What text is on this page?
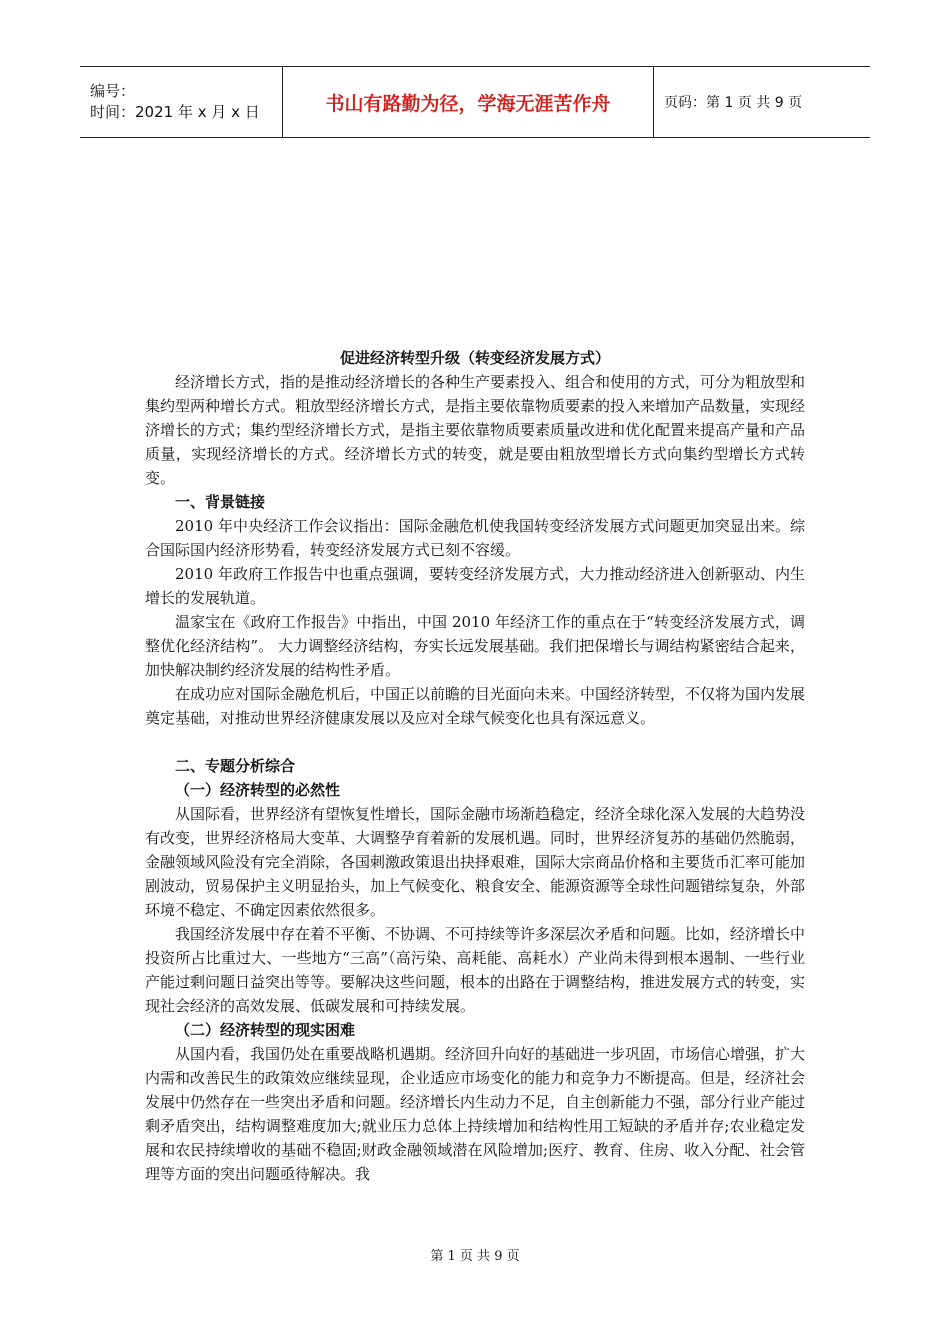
编号：
时间：2021 年 x 月 x 日	书山有路勤为径，学海无涯苦作舟	页码：第 1 页 共 9 页
促进经济转型升级（转变经济发展方式）

经济增长方式，指的是推动经济增长的各种生产要素投入、组合和使用的方式，可分为粗放型和集约型两种增长方式。粗放型经济增长方式，是指主要依靠物质要素的投入来增加产品数量，实现经济增长的方式；集约型经济增长方式，是指主要依靠物质要素质量改进和优化配置来提高产量和产品质量，实现经济增长的方式。经济增长方式的转变，就是要由粗放型增长方式向集约型增长方式转变。

一、背景链接

2010 年中央经济工作会议指出：国际金融危机使我国转变经济发展方式问题更加突显出来。综合国际国内经济形势看，转变经济发展方式已刻不容缓。

2010 年政府工作报告中也重点强调，要转变经济发展方式，大力推动经济进入创新驱动、内生增长的发展轨道。

温家宝在《政府工作报告》中指出，中国 2010 年经济工作的重点在于“转变经济发展方式，调整优化经济结构”。 大力调整经济结构，夯实长远发展基础。我们把保增长与调结构紧密结合起来，加快解决制约经济发展的结构性矛盾。

在成功应对国际金融危机后，中国正以前瞻的目光面向未来。中国经济转型，不仅将为国内发展奠定基础，对推动世界经济健康发展以及应对全球气候变化也具有深远意义。

二、专题分析综合

（一）经济转型的必然性

从国际看，世界经济有望恢复性增长，国际金融市场渐趋稳定，经济全球化深入发展的大趋势没有改变，世界经济格局大变革、大调整孕育着新的发展机遇。同时，世界经济复苏的基础仍然脆弱，金融领域风险没有完全消除，各国刺激政策退出抉择艰难，国际大宗商品价格和主要货币汇率可能加剧波动，贸易保护主义明显抬头，加上气候变化、粮食安全、能源资源等全球性问题错综复杂，外部环境不稳定、不确定因素依然很多。

我国经济发展中存在着不平衡、不协调、不可持续等许多深层次矛盾和问题。比如，经济增长中投资所占比重过大、一些地方“三高”（高污染、高耗能、高耗水）产业尚未得到根本遏制、一些行业产能过剩问题日益突出等等。要解决这些问题，根本的出路在于调整结构，推进发展方式的转变，实现社会经济的高效发展、低碳发展和可持续发展。

（二）经济转型的现实困难

从国内看，我国仍处在重要战略机遇期。经济回升向好的基础进一步巩固，市场信心增强，扩大内需和改善民生的政策效应继续显现，企业适应市场变化的能力和竞争力不断提高。但是，经济社会发展中仍然存在一些突出矛盾和问题。经济增长内生动力不足，自主创新能力不强，部分行业产能过剩矛盾突出，结构调整难度加大;就业压力总体上持续增加和结构性用工短缺的矛盾并存;农业稳定发展和农民持续增收的基础不稳固;财政金融领域潜在风险增加;医疗、教育、住房、收入分配、社会管理等方面的突出问题亟待解决。我

第 1 页 共 9 页
